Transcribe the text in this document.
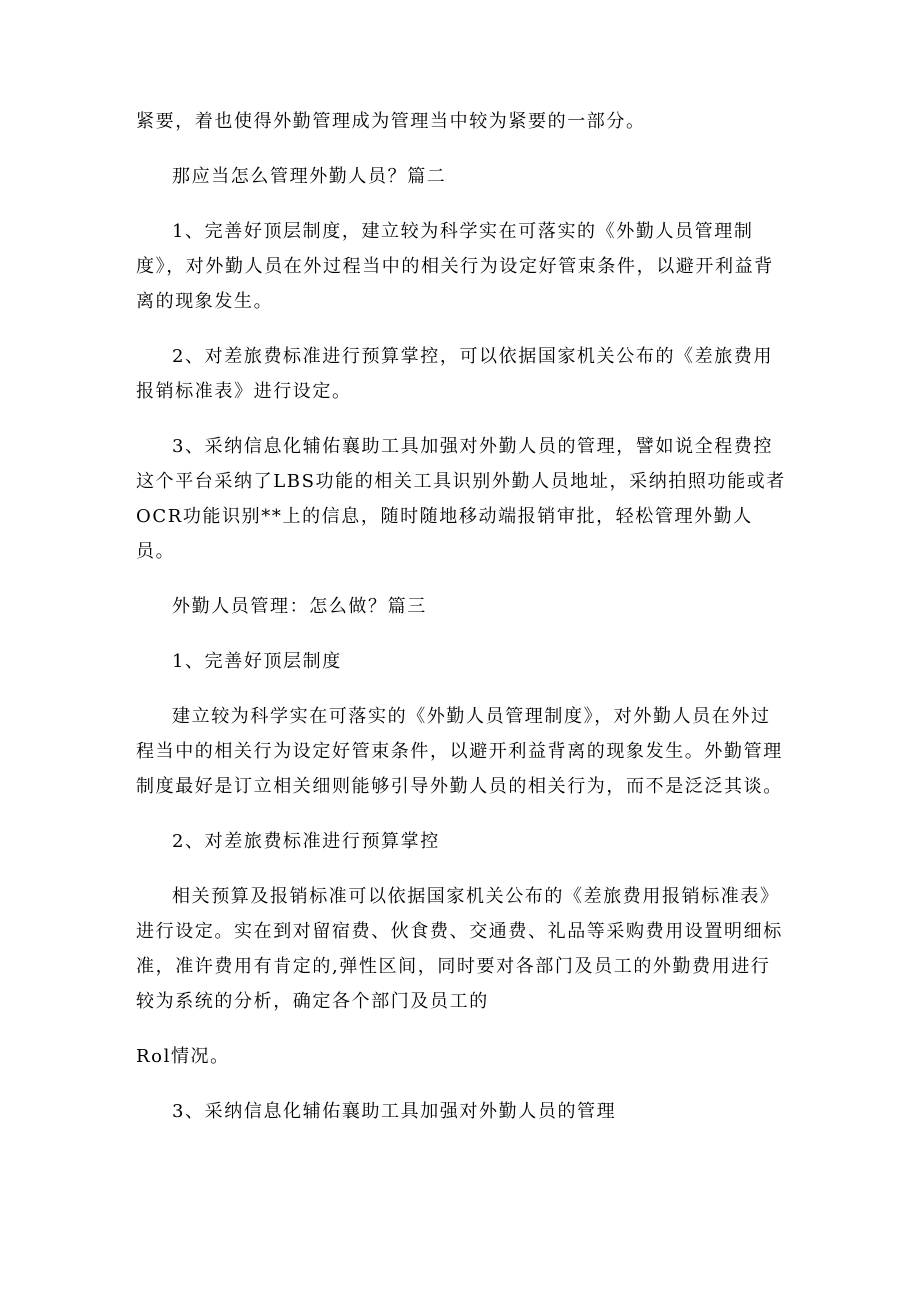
紧要，着也使得外勤管理成为管理当中较为紧要的一部分。

那应当怎么管理外勤人员？篇二

1、完善好顶层制度，建立较为科学实在可落实的《外勤人员管理制度》，对外勤人员在外过程当中的相关行为设定好管束条件，以避开利益背离的现象发生。

2、对差旅费标准进行预算掌控，可以依据国家机关公布的《差旅费用报销标准表》进行设定。

3、采纳信息化辅佑襄助工具加强对外勤人员的管理，譬如说全程费控这个平台采纳了LBS功能的相关工具识别外勤人员地址，采纳拍照功能或者OCR功能识别**上的信息，随时随地移动端报销审批，轻松管理外勤人员。

外勤人员管理：怎么做？篇三

1、完善好顶层制度

建立较为科学实在可落实的《外勤人员管理制度》，对外勤人员在外过程当中的相关行为设定好管束条件，以避开利益背离的现象发生。外勤管理制度最好是订立相关细则能够引导外勤人员的相关行为，而不是泛泛其谈。

2、对差旅费标准进行预算掌控

相关预算及报销标准可以依据国家机关公布的《差旅费用报销标准表》进行设定。实在到对留宿费、伙食费、交通费、礼品等采购费用设置明细标准，准许费用有肯定的,弹性区间，同时要对各部门及员工的外勤费用进行较为系统的分析，确定各个部门及员工的

Rol情况。

3、采纳信息化辅佑襄助工具加强对外勤人员的管理
